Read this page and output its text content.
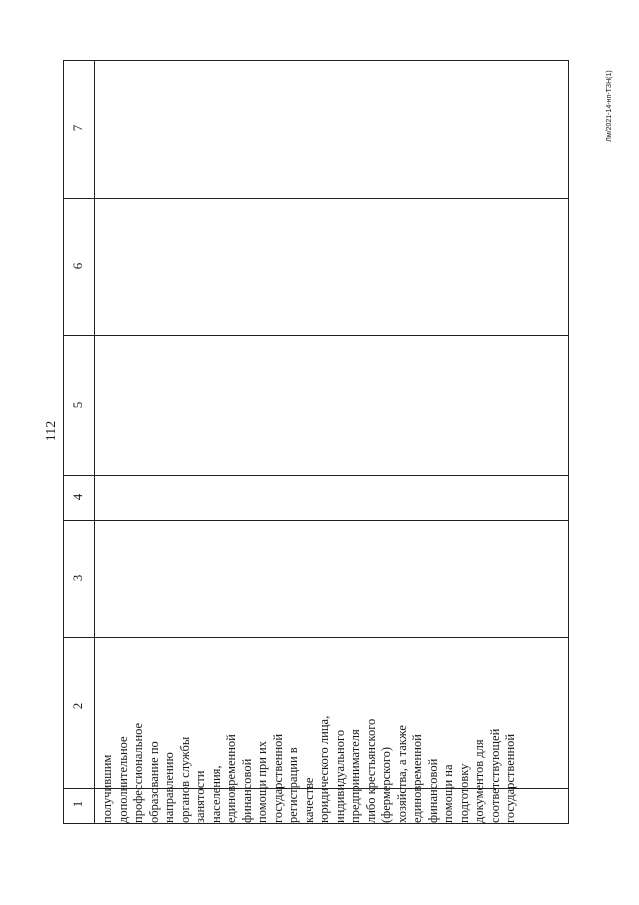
112
Лм/2021-14-нп-ТЗН(1)
1
2
3
4
5
6
7
получившим дополнительное профессиональное образование по направлению органов службы занятости населения, единовременной финансовой помощи при их государственной регистрации в качестве юридического лица, индивидуального предпринимателя либо крестьянского (фермерского) хозяйства, а также единовременной финансовой помощи на подготовку документов для соответствующей государственной
